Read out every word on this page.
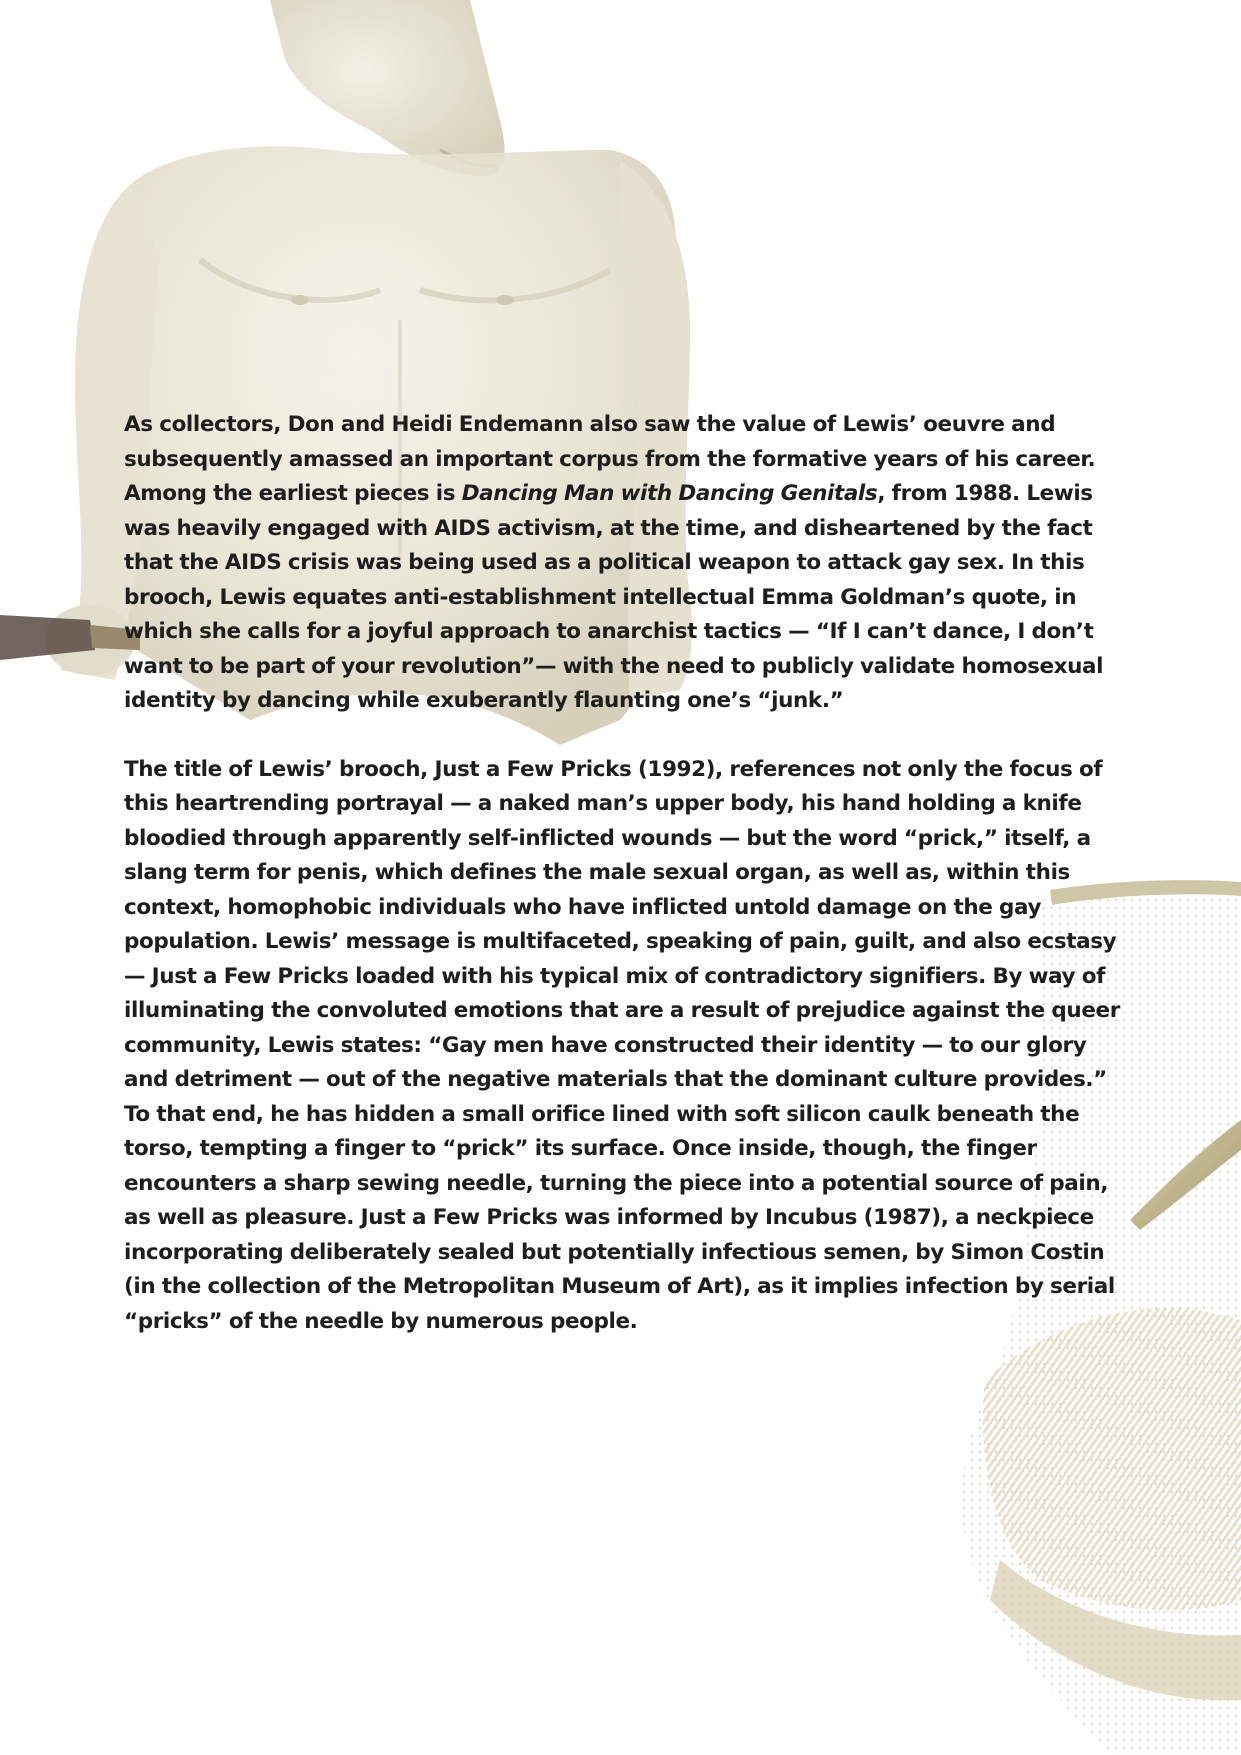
As collectors, Don and Heidi Endemann also saw the value of Lewis’ oeuvre and subsequently amassed an important corpus from the formative years of his career. Among the earliest pieces is Dancing Man with Dancing Genitals, from 1988. Lewis was heavily engaged with AIDS activism, at the time, and disheartened by the fact that the AIDS crisis was being used as a political weapon to attack gay sex. In this brooch, Lewis equates anti-establishment intellectual Emma Goldman’s quote, in which she calls for a joyful approach to anarchist tactics — “If I can’t dance, I don’t want to be part of your revolution”— with the need to publicly validate homosexual identity by dancing while exuberantly flaunting one’s “junk.”

The title of Lewis’ brooch, Just a Few Pricks (1992), references not only the focus of this heartrending portrayal — a naked man’s upper body, his hand holding a knife bloodied through apparently self-inflicted wounds — but the word “prick,” itself, a slang term for penis, which defines the male sexual organ, as well as, within this context, homophobic individuals who have inflicted untold damage on the gay population. Lewis’ message is multifaceted, speaking of pain, guilt, and also ecstasy — Just a Few Pricks loaded with his typical mix of contradictory signifiers. By way of illuminating the convoluted emotions that are a result of prejudice against the queer community, Lewis states: “Gay men have constructed their identity — to our glory and detriment — out of the negative materials that the dominant culture provides.” To that end, he has hidden a small orifice lined with soft silicon caulk beneath the torso, tempting a finger to “prick” its surface. Once inside, though, the finger encounters a sharp sewing needle, turning the piece into a potential source of pain, as well as pleasure. Just a Few Pricks was informed by Incubus (1987), a neckpiece incorporating deliberately sealed but potentially infectious semen, by Simon Costin (in the collection of the Metropolitan Museum of Art), as it implies infection by serial “pricks” of the needle by numerous people.
